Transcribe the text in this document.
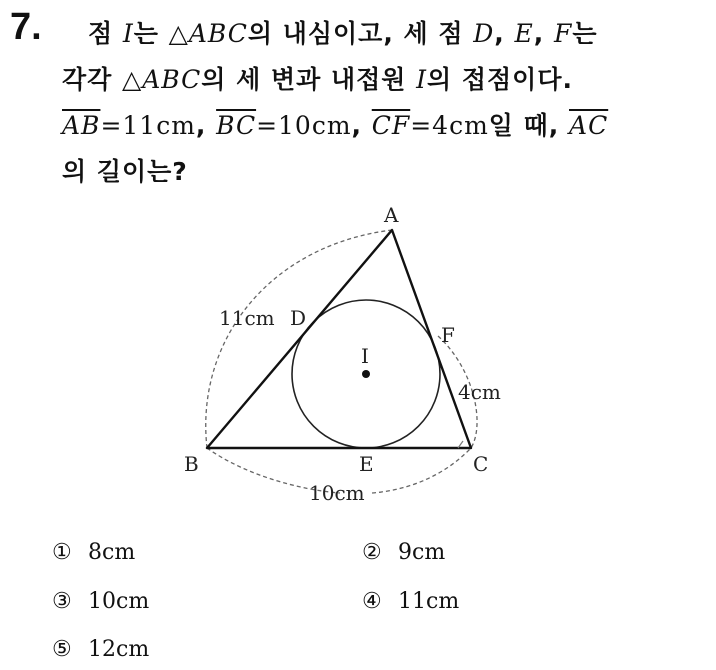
7. 점 I는 △ABC의 내심이고, 세 점 D, E, F는
각각 △ABC의 세 변과 내접원 I의 접점이다.
$\overline{AB}=11cm$, $\overline{BC}=10cm$, $\overline{CF}=4cm$일 때, $\overline{AC}$
의 길이는?
A
B	C
D
E
F
I
11cm
4cm
10cm
① 8cm	② 9cm
③ 10cm	④ 11cm
⑤ 12cm
